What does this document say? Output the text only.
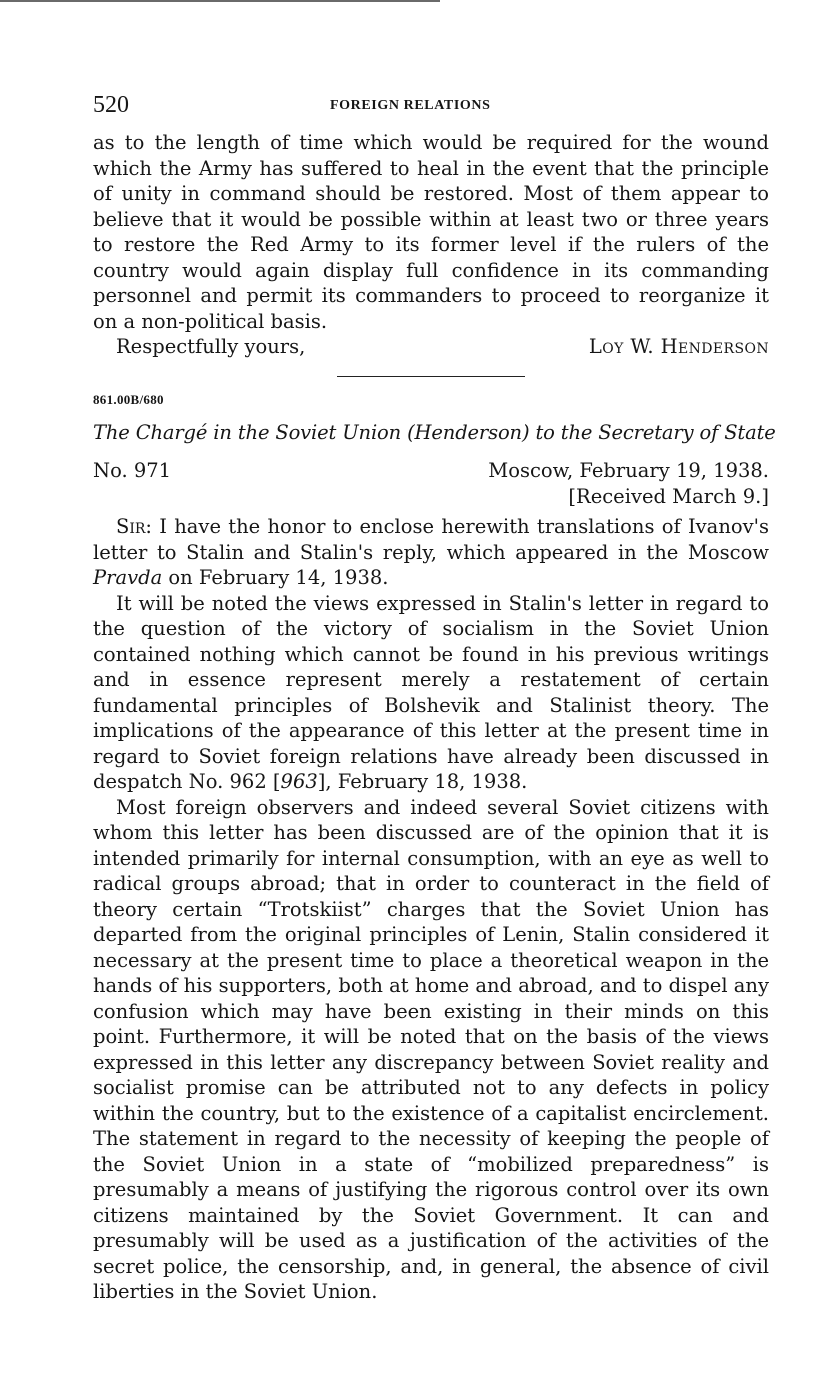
520	FOREIGN RELATIONS

as to the length of time which would be required for the wound which the Army has suffered to heal in the event that the principle of unity in command should be restored. Most of them appear to believe that it would be possible within at least two or three years to restore the Red Army to its former level if the rulers of the country would again display full confidence in its commanding personnel and permit its commanders to proceed to reorganize it on a non-political basis.

Respectfully yours,	Loy W. Henderson
861.00B/680
The Chargé in the Soviet Union (Henderson) to the Secretary of State
No. 971	Moscow, February 19, 1938.
[Received March 9.]

Sir: I have the honor to enclose herewith translations of Ivanov's letter to Stalin and Stalin's reply, which appeared in the Moscow Pravda on February 14, 1938.

It will be noted the views expressed in Stalin's letter in regard to the question of the victory of socialism in the Soviet Union contained nothing which cannot be found in his previous writings and in essence represent merely a restatement of certain fundamental principles of Bolshevik and Stalinist theory. The implications of the appearance of this letter at the present time in regard to Soviet foreign relations have already been discussed in despatch No. 962 [963], February 18, 1938.

Most foreign observers and indeed several Soviet citizens with whom this letter has been discussed are of the opinion that it is intended primarily for internal consumption, with an eye as well to radical groups abroad; that in order to counteract in the field of theory certain “Trotskiist” charges that the Soviet Union has departed from the original principles of Lenin, Stalin considered it necessary at the present time to place a theoretical weapon in the hands of his supporters, both at home and abroad, and to dispel any confusion which may have been existing in their minds on this point. Furthermore, it will be noted that on the basis of the views expressed in this letter any discrepancy between Soviet reality and socialist promise can be attributed not to any defects in policy within the country, but to the existence of a capitalist encirclement. The statement in regard to the necessity of keeping the people of the Soviet Union in a state of “mobilized preparedness” is presumably a means of justifying the rigorous control over its own citizens maintained by the Soviet Government. It can and presumably will be used as a justification of the activities of the secret police, the censorship, and, in general, the absence of civil liberties in the Soviet Union.
